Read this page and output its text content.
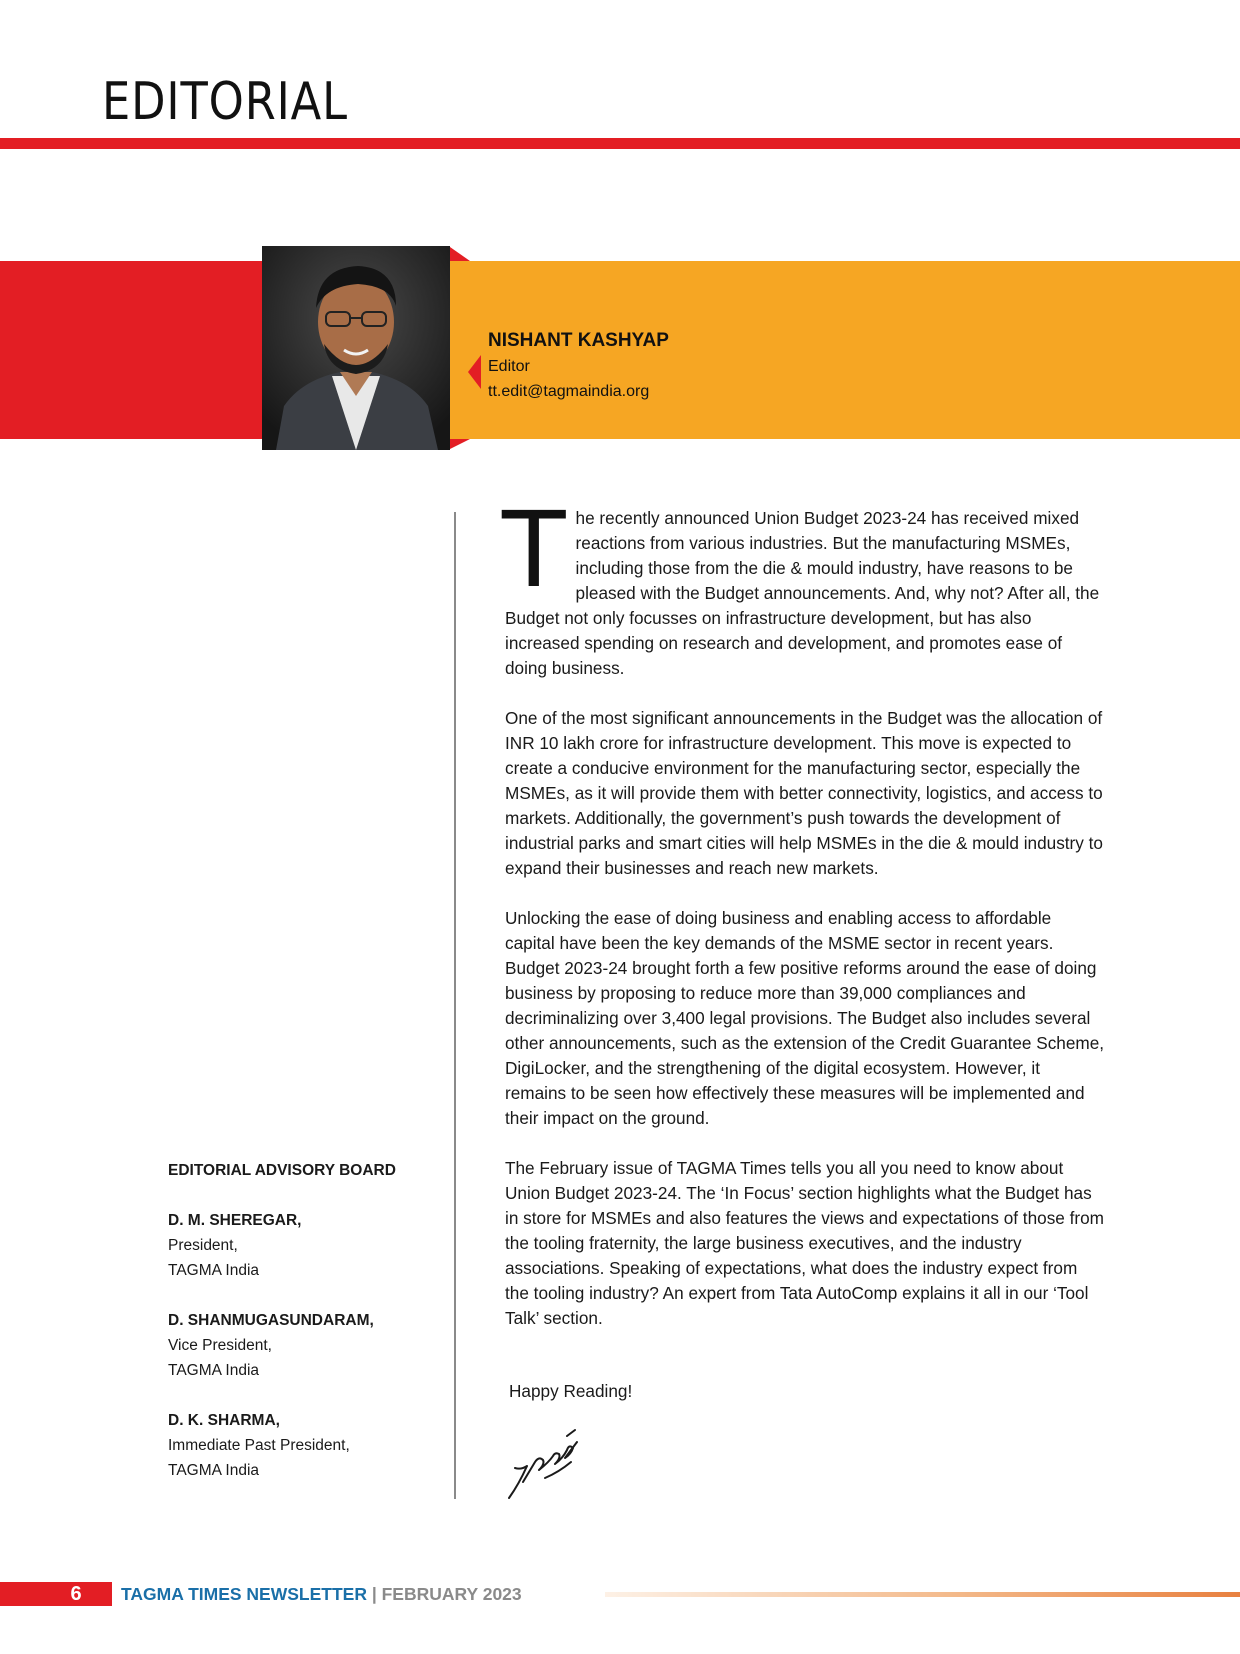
EDITORIAL
NISHANT KASHYAP
Editor
tt.edit@tagmaindia.org
EDITORIAL ADVISORY BOARD
D. M. SHEREGAR,
President,
TAGMA India
D. SHANMUGASUNDARAM,
Vice President,
TAGMA India
D. K. SHARMA,
Immediate Past President,
TAGMA India

The recently announced Union Budget 2023-24 has received mixed reactions from various industries. But the manufacturing MSMEs, including those from the die & mould industry, have reasons to be pleased with the Budget announcements. And, why not? After all, the Budget not only focusses on infrastructure development, but has also increased spending on research and development, and promotes ease of doing business.

One of the most significant announcements in the Budget was the allocation of INR 10 lakh crore for infrastructure development. This move is expected to create a conducive environment for the manufacturing sector, especially the MSMEs, as it will provide them with better connectivity, logistics, and access to markets. Additionally, the government’s push towards the development of industrial parks and smart cities will help MSMEs in the die & mould industry to expand their businesses and reach new markets.

Unlocking the ease of doing business and enabling access to affordable capital have been the key demands of the MSME sector in recent years. Budget 2023-24 brought forth a few positive reforms around the ease of doing business by proposing to reduce more than 39,000 compliances and decriminalizing over 3,400 legal provisions. The Budget also includes several other announcements, such as the extension of the Credit Guarantee Scheme, DigiLocker, and the strengthening of the digital ecosystem. However, it remains to be seen how effectively these measures will be implemented and their impact on the ground.

The February issue of TAGMA Times tells you all you need to know about Union Budget 2023-24. The ‘In Focus’ section highlights what the Budget has in store for MSMEs and also features the views and expectations of those from the tooling fraternity, the large business executives, and the industry associations. Speaking of expectations, what does the industry expect from the tooling industry? An expert from Tata AutoComp explains it all in our ‘Tool Talk’ section.

Happy Reading!
6	TAGMA TIMES NEWSLETTER | FEBRUARY 2023
